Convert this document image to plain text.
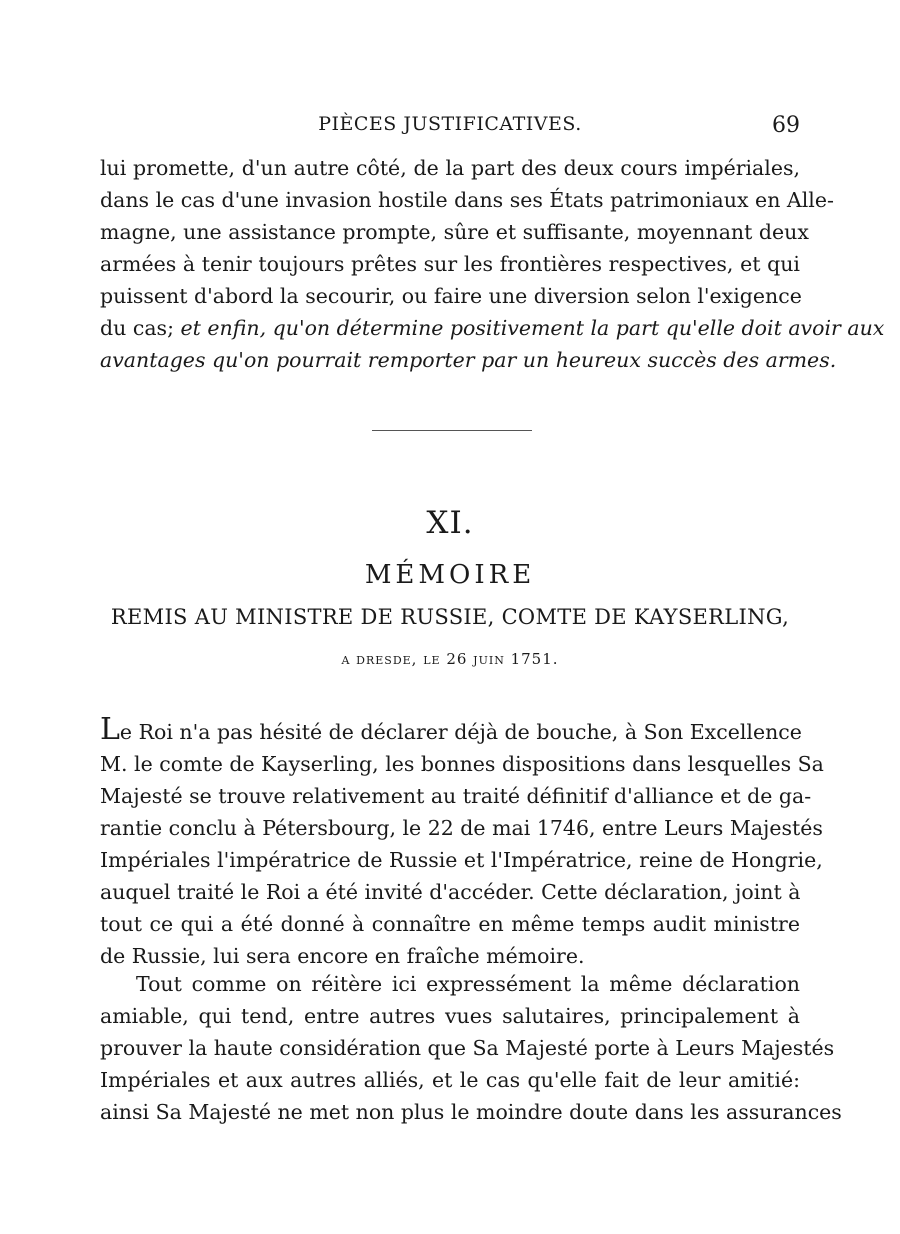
PIÈCES JUSTIFICATIVES.	69
lui promette, d'un autre côté, de la part des deux cours impériales,
dans le cas d'une invasion hostile dans ses États patrimoniaux en Alle-
magne, une assistance prompte, sûre et suffisante, moyennant deux
armées à tenir toujours prêtes sur les frontières respectives, et qui
puissent d'abord la secourir, ou faire une diversion selon l'exigence
du cas; et enfin, qu'on détermine positivement la part qu'elle doit avoir aux
avantages qu'on pourrait remporter par un heureux succès des armes.
XI.
MÉMOIRE
REMIS AU MINISTRE DE RUSSIE, COMTE DE KAYSERLING,
a dresde, le 26 juin 1751.
Le Roi n'a pas hésité de déclarer déjà de bouche, à Son Excellence
M. le comte de Kayserling, les bonnes dispositions dans lesquelles Sa
Majesté se trouve relativement au traité définitif d'alliance et de ga-
rantie conclu à Pétersbourg, le 22 de mai 1746, entre Leurs Majestés
Impériales l'impératrice de Russie et l'Impératrice, reine de Hongrie,
auquel traité le Roi a été invité d'accéder. Cette déclaration, joint à
tout ce qui a été donné à connaître en même temps audit ministre
de Russie, lui sera encore en fraîche mémoire.
Tout comme on réitère ici expressément la même déclaration
amiable, qui tend, entre autres vues salutaires, principalement à
prouver la haute considération que Sa Majesté porte à Leurs Majestés
Impériales et aux autres alliés, et le cas qu'elle fait de leur amitié:
ainsi Sa Majesté ne met non plus le moindre doute dans les assurances
